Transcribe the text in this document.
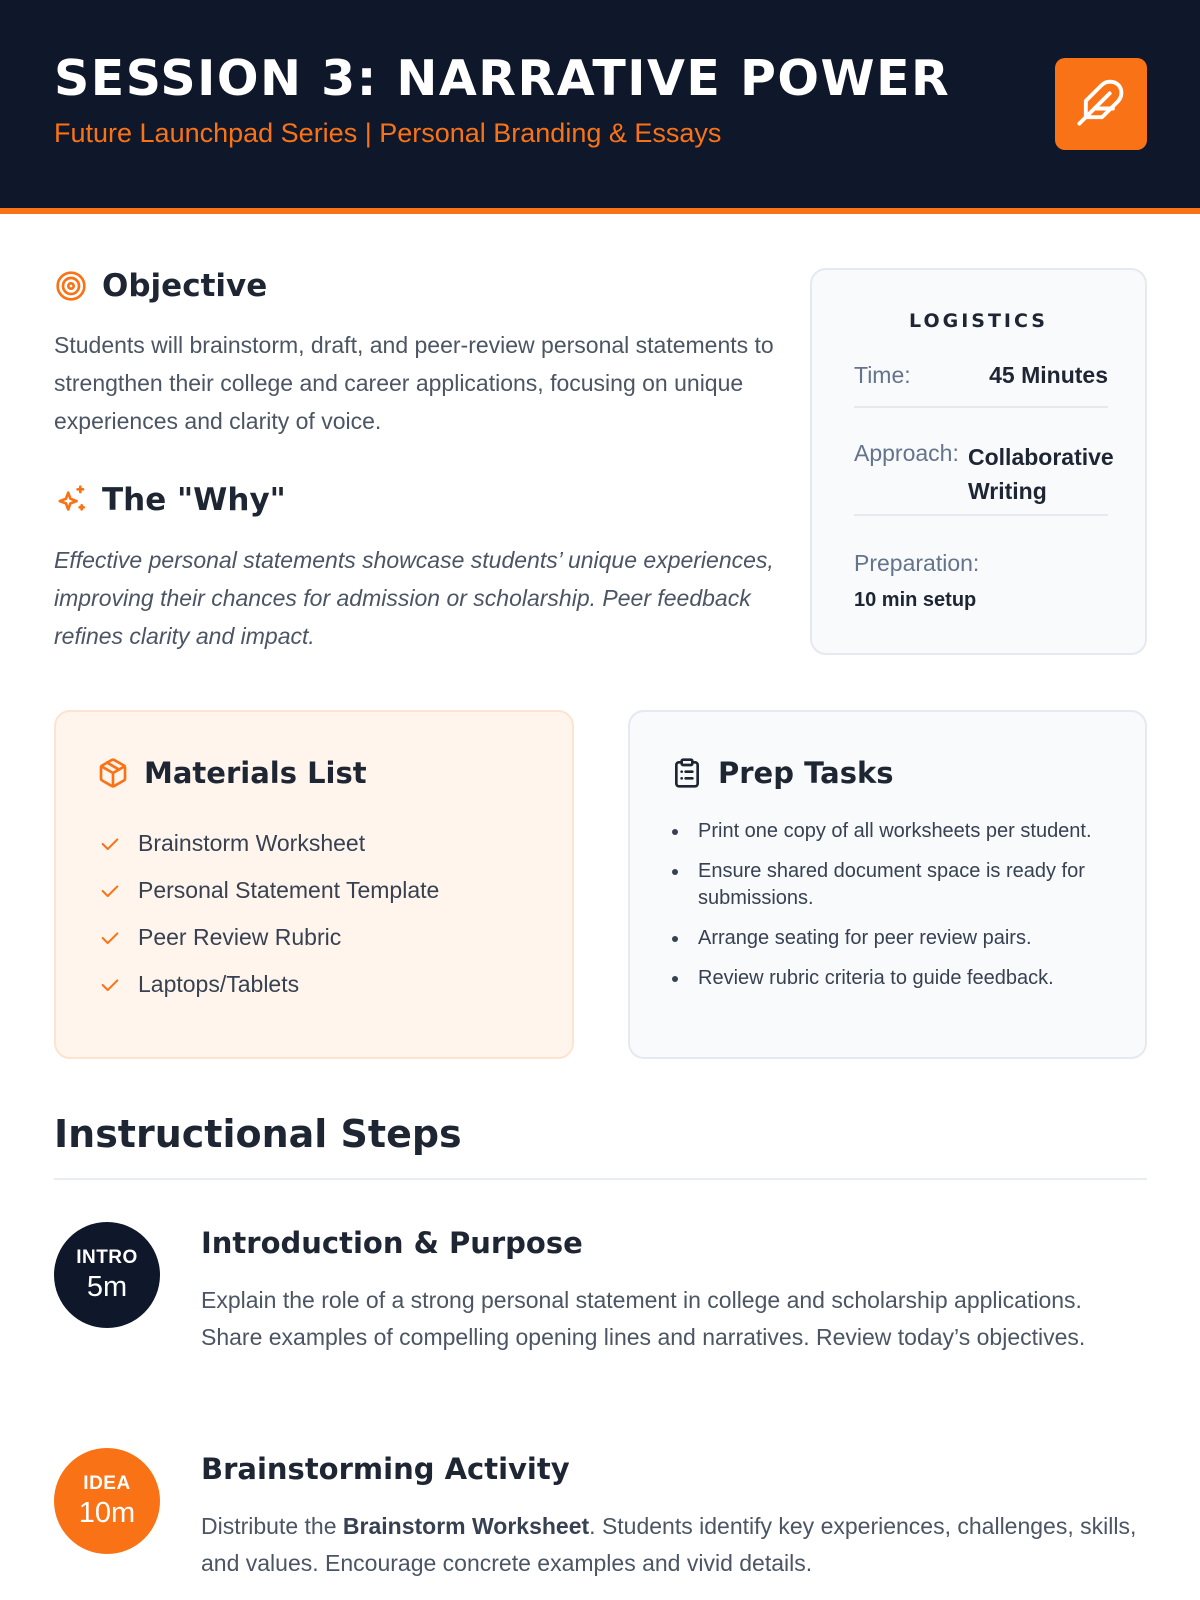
SESSION 3: NARRATIVE POWER
Future Launchpad Series | Personal Branding & Essays
Objective

Students will brainstorm, draft, and peer-review personal statements to strengthen their college and career applications, focusing on unique experiences and clarity of voice.

The "Why"

Effective personal statements showcase students’ unique experiences, improving their chances for admission or scholarship. Peer feedback refines clarity and impact.

LOGISTICS
Time:	45 Minutes
Approach: Collaborative Writing
Preparation:
10 min setup
Materials List
Brainstorm Worksheet
Personal Statement Template
Peer Review Rubric
Laptops/Tablets
Prep Tasks
Print one copy of all worksheets per student.
Ensure shared document space is ready for submissions.
Arrange seating for peer review pairs.
Review rubric criteria to guide feedback.
Instructional Steps
INTRO
5m
Introduction & Purpose

Explain the role of a strong personal statement in college and scholarship applications. Share examples of compelling opening lines and narratives. Review today’s objectives.

IDEA
10m
Brainstorming Activity

Distribute the Brainstorm Worksheet. Students identify key experiences, challenges, skills, and values. Encourage concrete examples and vivid details.
